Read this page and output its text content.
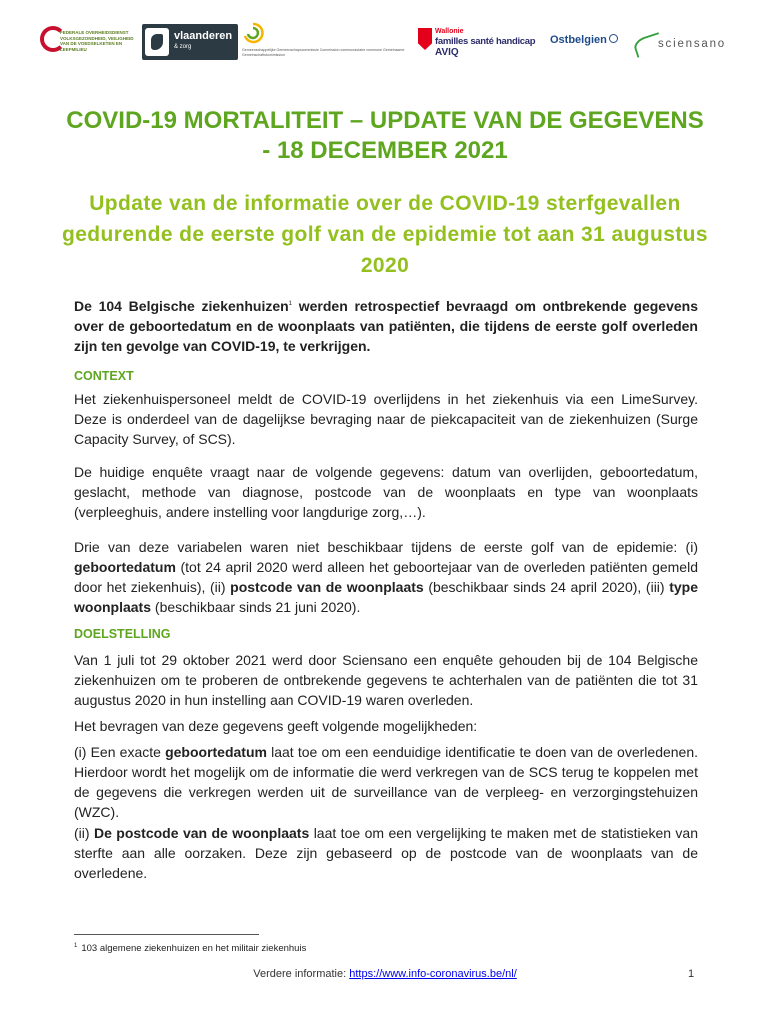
FEDERALE OVERHEIDSDIENST VOLKSGEZONDHEID, VEILIGHEID VAN DE VOEDSELKETEN EN LEEFMILIEU
vlaanderen
& zorg	Gemeenschappelijke Gemeenschapscommissie Commission communautaire commune Gemeinsame Gemeinschaftskommission
Wallonie
familles santé handicap
AVIQ
Ostbelgien	sciensano
COVID-19 MORTALITEIT – UPDATE VAN DE GEGEVENS - 18 DECEMBER 2021
Update van de informatie over de COVID-19 sterfgevallen gedurende de eerste golf van de epidemie tot aan 31 augustus 2020

De 104 Belgische ziekenhuizen$^1$ werden retrospectief bevraagd om ontbrekende gegevens over de geboortedatum en de woonplaats van patiënten, die tijdens de eerste golf overleden zijn ten gevolge van COVID-19, te verkrijgen.

CONTEXT

Het ziekenhuispersoneel meldt de COVID-19 overlijdens in het ziekenhuis via een LimeSurvey. Deze is onderdeel van de dagelijkse bevraging naar de piekcapaciteit van de ziekenhuizen (Surge Capacity Survey, of SCS).

De huidige enquête vraagt naar de volgende gegevens: datum van overlijden, geboortedatum, geslacht, methode van diagnose, postcode van de woonplaats en type van woonplaats (verpleeghuis, andere instelling voor langdurige zorg,…).

Drie van deze variabelen waren niet beschikbaar tijdens de eerste golf van de epidemie: (i) geboortedatum (tot 24 april 2020 werd alleen het geboortejaar van de overleden patiënten gemeld door het ziekenhuis), (ii) postcode van de woonplaats (beschikbaar sinds 24 april 2020), (iii) type woonplaats (beschikbaar sinds 21 juni 2020).

DOELSTELLING

Van 1 juli tot 29 oktober 2021 werd door Sciensano een enquête gehouden bij de 104 Belgische ziekenhuizen om te proberen de ontbrekende gegevens te achterhalen van de patiënten die tot 31 augustus 2020 in hun instelling aan COVID-19 waren overleden.

Het bevragen van deze gegevens geeft volgende mogelijkheden:

(i) Een exacte geboortedatum laat toe om een eenduidige identificatie te doen van de overledenen. Hierdoor wordt het mogelijk om de informatie die werd verkregen van de SCS terug te koppelen met de gegevens die verkregen werden uit de surveillance van de verpleeg- en verzorgingstehuizen (WZC).

(ii) De postcode van de woonplaats laat toe om een vergelijking te maken met de statistieken van sterfte aan alle oorzaken. Deze zijn gebaseerd op de postcode van de woonplaats van de overledene.

$^1$ 103 algemene ziekenhuizen en het militair ziekenhuis
Verdere informatie: https://www.info-coronavirus.be/nl/	1
